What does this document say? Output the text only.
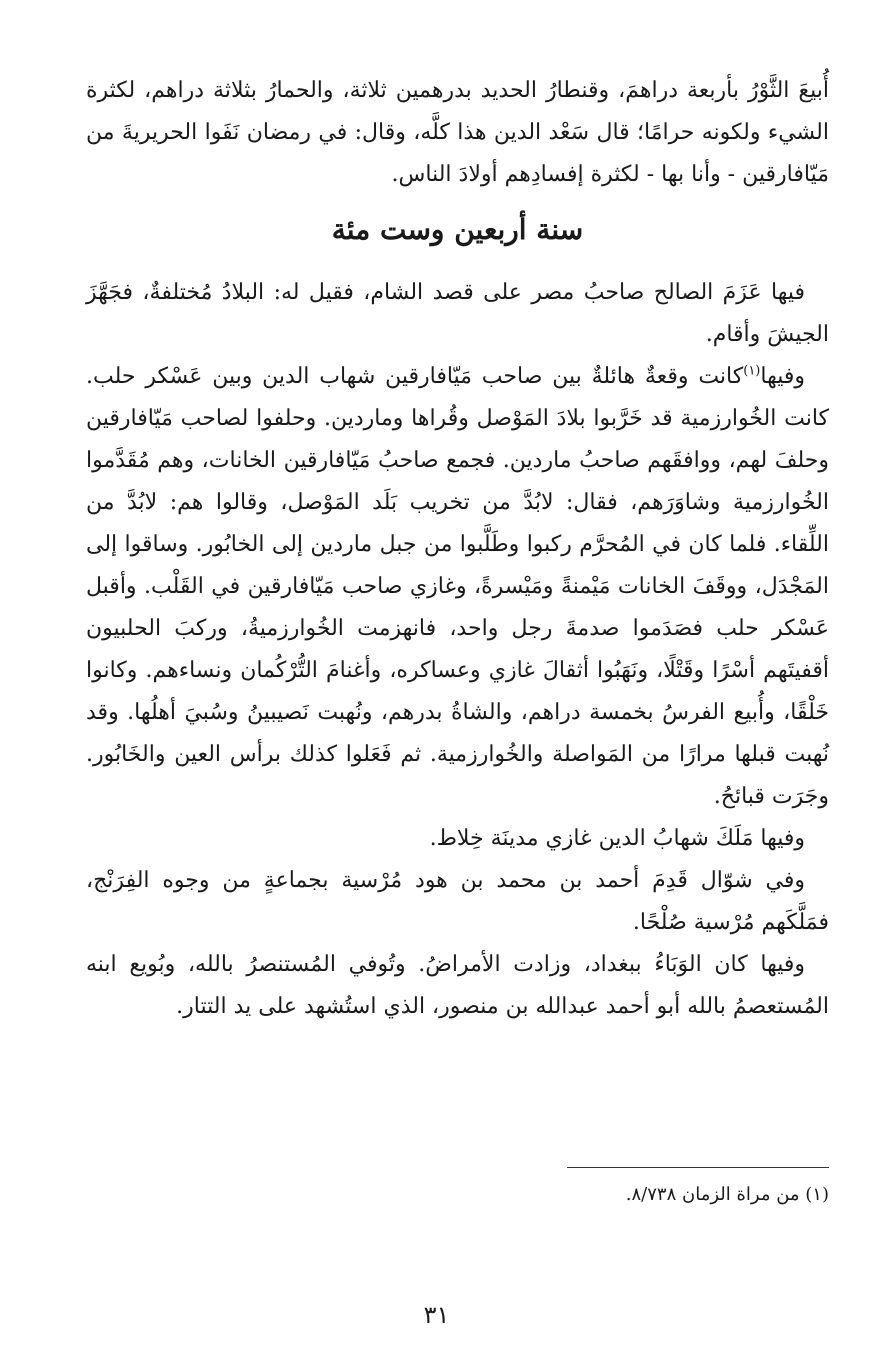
أُبيعَ الثَّوْرُ بأربعة دراهمَ، وقنطارُ الحديد بدرهمين ثلاثة، والحمارُ بثلاثة دراهم، لكثرة الشيء ولكونه حرامًا؛ قال سَعْد الدين هذا كلَّه، وقال: في رمضان نَفَوا الحريريةَ من مَيّافارقين - وأنا بها - لكثرة إفسادِهم أولادَ الناس.

سنة أربعين وست مئة

فيها عَزَمَ الصالح صاحبُ مصر على قصد الشام، فقيل له: البلادُ مُختلفةٌ، فجَهَّزَ الجيشَ وأقام.

وفيها$^{(١)}$كانت وقعةٌ هائلةٌ بين صاحب مَيّافارقين شهاب الدين وبين عَسْكر حلب. كانت الخُوارزمية قد خَرَّبوا بلادَ المَوْصل وقُراها وماردين. وحلفوا لصاحب مَيّافارقين وحلفَ لهم، ووافقَهم صاحبُ ماردين. فجمع صاحبُ مَيّافارقين الخانات، وهم مُقَدَّموا الخُوارزمية وشاوَرَهم، فقال: لابُدَّ من تخريب بَلَد المَوْصل، وقالوا هم: لابُدَّ من اللِّقاء. فلما كان في المُحرَّم ركبوا وطَلَّبوا من جبل ماردين إلى الخابُور. وساقوا إلى المَجْدَل، ووقَفَ الخانات مَيْمنةً ومَيْسرةً، وغازي صاحب مَيّافارقين في القَلْب. وأقبل عَسْكر حلب فصَدَموا صدمةَ رجل واحد، فانهزمت الخُوارزميةُ، وركبَ الحلبيون أقفيتَهم أسْرًا وقَتْلًا، ونَهَبُوا أثقالَ غازي وعساكره، وأغنامَ التُّرْكُمان ونساءهم. وكانوا خَلْقًا، وأُبيع الفرسُ بخمسة دراهم، والشاةُ بدرهم، ونُهبت نَصيبينُ وسُبيَ أهلُها. وقد نُهبت قبلها مرارًا من المَواصلة والخُوارزمية. ثم فَعَلوا كذلك برأس العين والخَابُور. وجَرَت قبائحُ.

وفيها مَلَكَ شهابُ الدين غازي مدينَة خِلاط.

وفي شوّال قَدِمَ أحمد بن محمد بن هود مُرْسية بجماعةٍ من وجوه الفِرَنْج، فمَلَّكَهم مُرْسية صُلْحًا.

وفيها كان الوَبَاءُ ببغداد، وزادت الأمراضُ. وتُوفي المُستنصرُ بالله، وبُويع ابنه المُستعصمُ بالله أبو أحمد عبدالله بن منصور، الذي استُشهد على يد التتار.

(١) من مراة الزمان ٨/٧٣٨.
٣١
